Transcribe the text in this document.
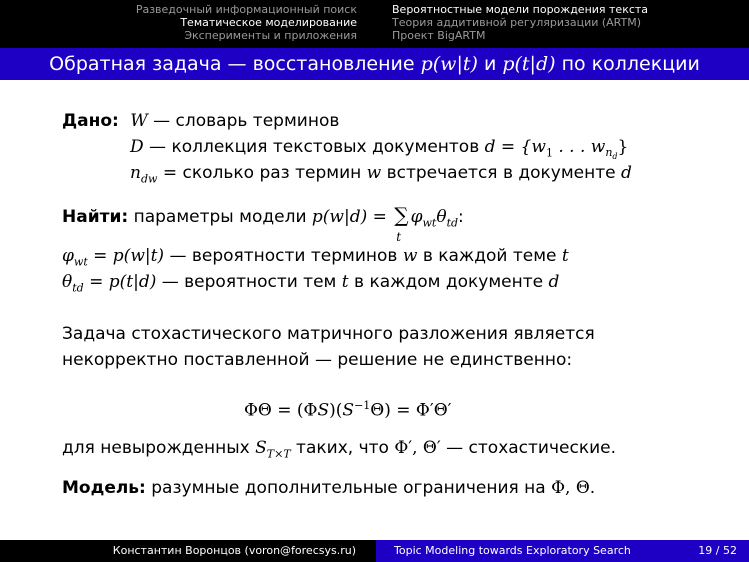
Разведочный информационный поиск
Тематическое моделирование
Эксперименты и приложения
Вероятностные модели порождения текста
Теория аддитивной регуляризации (ARTM)
Проект BigARTM
Обратная задача — восстановление p(w|t) и p(t|d) по коллекции
Дано: W — словарь терминов
D — коллекция текстовых документов $d = \{w_1$ . . . $w_{n_d}$}
$n_{dw}$ = сколько раз термин w встречается в документе d
Найти: параметры модели p(w|d) = ∑
t
$\varphi_{wt}\theta_{td}$:
$\varphi_{wt} = p(w|t)$ — вероятности терминов w в каждой теме t
$\theta_{td} = p(t|d)$ — вероятности тем t в каждом документе d
Задача стохастического матричного разложения является
некорректно поставленной — решение не единственно:
$\Phi\Theta = (\Phi S)(S^{-1}\Theta) = \Phi'\Theta'$
для невырожденных $S_{T\times T}$ таких, что Φ′, Θ′ — стохастические.
Модель: разумные дополнительные ограничения на Φ, Θ.
Константин Воронцов (voron@forecsys.ru)	Topic Modeling towards Exploratory Search	19 / 52
